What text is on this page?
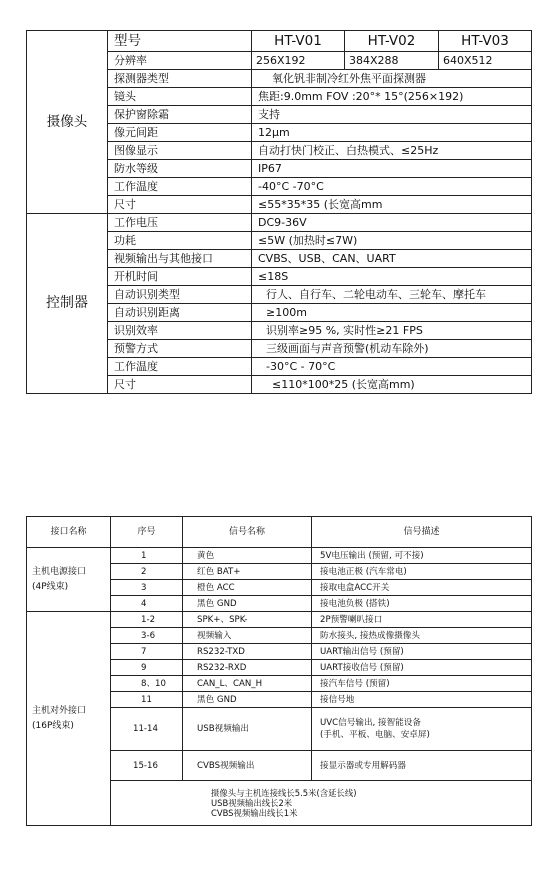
摄像头	型号	HT-V01	HT-V02	HT-V03
	分辨率	256X192	384X288	640X512
	探测器类型	氧化钒非制冷红外焦平面探测器		
	镜头	焦距:9.0mm FOV :20°* 15°(256×192)		
	保护窗除霜	支持		
	像元间距	12μm		
	图像显示	自动打快门校正、白热模式、≤25Hz		
	防水等级	IP67		
	工作温度	-40°C -70°C		
	尺寸	≤55*35*35 (长宽高mm		
控制器	工作电压	DC9-36V		
	功耗	≤5W (加热时≤7W)		
	视频输出与其他接口	CVBS、USB、CAN、UART		
	开机时间	≤18S		
	自动识别类型	行人、自行车、二轮电动车、三轮车、摩托车		
	自动识别距离	≥100m		
	识别效率	识别率≥95 %, 实时性≥21 FPS		
	预警方式	三级画面与声音预警(机动车除外)		
	工作温度	-30°C - 70°C		
	尺寸	≤110*100*25 (长宽高mm)		
接口名称	序号	信号名称	信号描述

主机电源接口
(4P线束)	1	黄色	5V电压输出 (预留, 可不接)
	2	红色 BAT+	接电池正极 (汽车常电)
	3	橙色 ACC	接取电盒ACC开关
	4	黑色 GND	接电池负极 (搭铁)

主机对外接口
(16P线束)	1-2	SPK+、SPK-	2P预警喇叭接口
	3-6	视频输入	防水接头, 接热成像摄像头
	7	RS232-TXD	UART输出信号 (预留)
	9	RS232-RXD	UART接收信号 (预留)
	8、10	CAN_L、CAN_H	接汽车信号 (预留)
	11	黑色 GND	接信号地
	11-14	USB视频输出	UVC信号输出, 接智能设备
(手机、平板、电脑、安卓屏)

	15-16	CVBS视频输出	接显示器或专用解码器

	摄像头与主机连接线长5.5米(含延长线)
USB视频输出线长2米
CVBS视频输出线长1米		
